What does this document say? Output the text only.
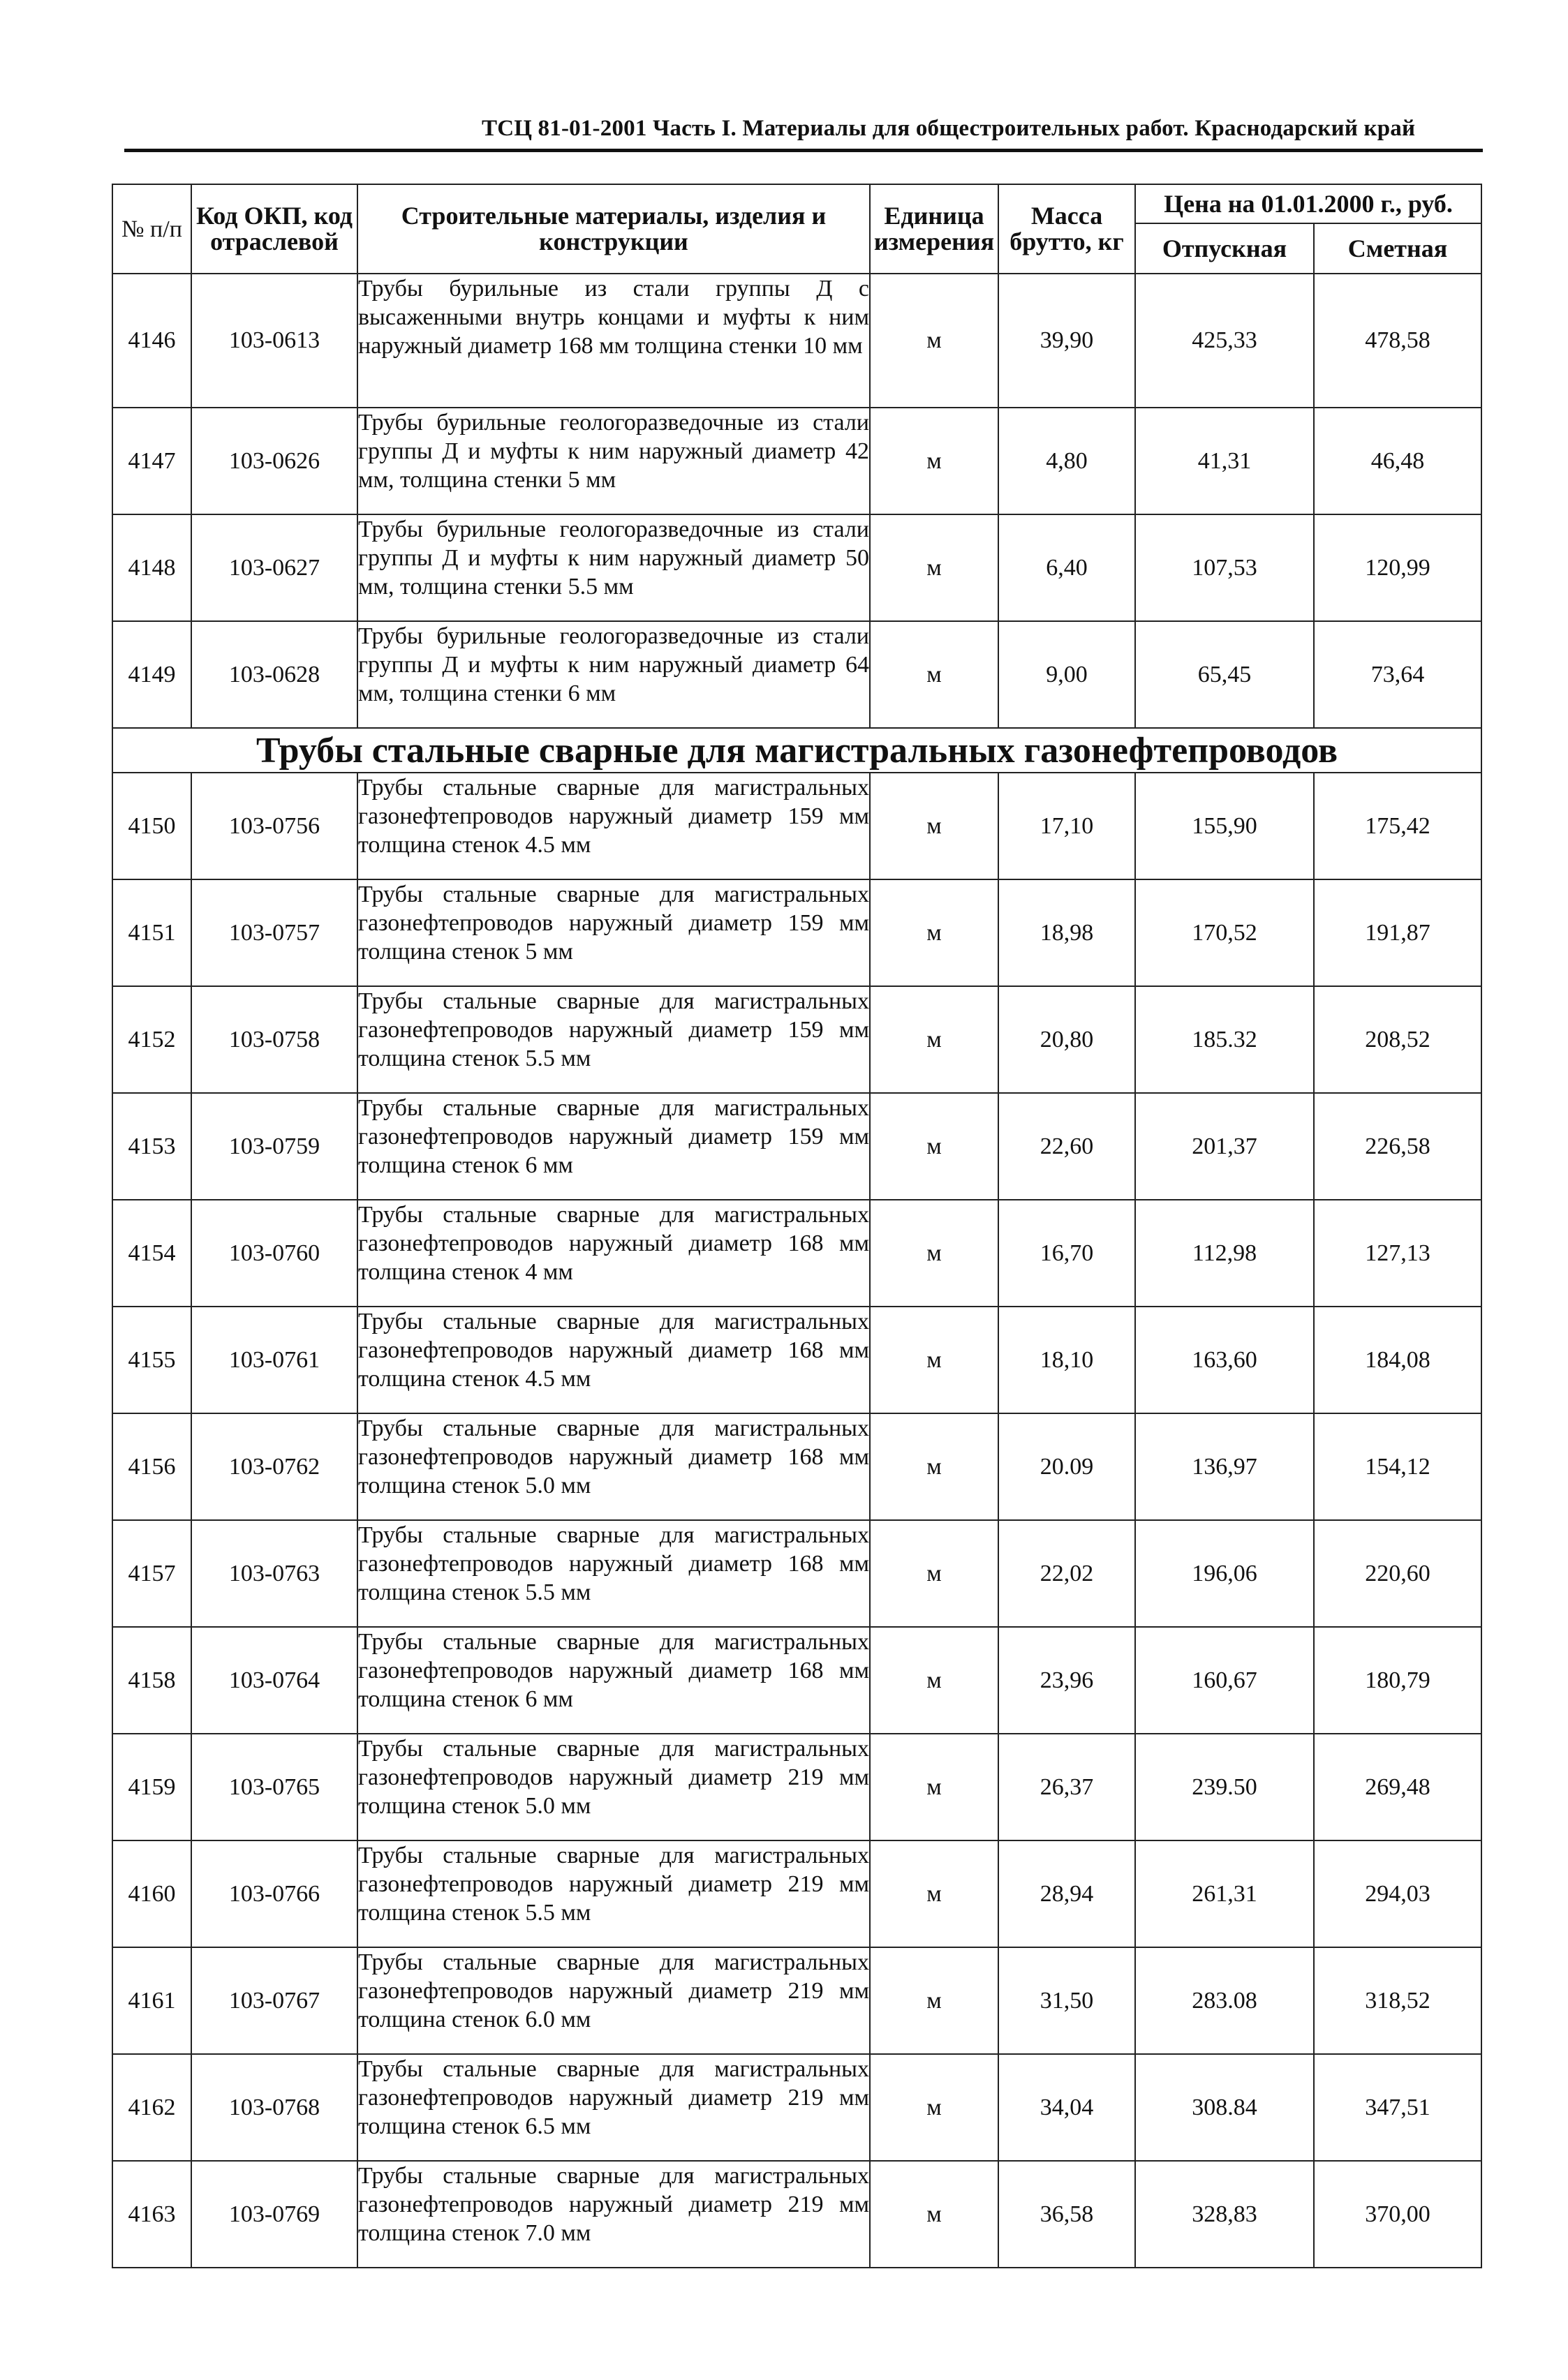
ТСЦ 81-01-2001 Часть I. Материалы для общестроительных работ. Краснодарский край
№ п/п	Код ОКП, код отраслевой	Строительные материалы, изделия и конструкции	Единица измерения	Масса брутто, кг	Цена на 01.01.2000 г., руб.	
					Отпускная	Сметная
4146	103-0613	Трубы бурильные из стали группы Д с высаженными внутрь концами и муфты к ним наружный диаметр 168 мм толщина стенки 10 мм	м	39,90	425,33	478,58
4147	103-0626	Трубы бурильные геологоразведочные из стали группы Д и муфты к ним наружный диаметр 42 мм, толщина стенки 5 мм	м	4,80	41,31	46,48
4148	103-0627	Трубы бурильные геологоразведочные из стали группы Д и муфты к ним наружный диаметр 50 мм, толщина стенки 5.5 мм	м	6,40	107,53	120,99
4149	103-0628	Трубы бурильные геологоразведочные из стали группы Д и муфты к ним наружный диаметр 64 мм, толщина стенки 6 мм	м	9,00	65,45	73,64
Трубы стальные сварные для магистральных газонефтепроводов						
4150	103-0756	Трубы стальные сварные для магистральных газонефтепроводов наружный диаметр 159 мм толщина стенок 4.5 мм	м	17,10	155,90	175,42
4151	103-0757	Трубы стальные сварные для магистральных газонефтепроводов наружный диаметр 159 мм толщина стенок 5 мм	м	18,98	170,52	191,87
4152	103-0758	Трубы стальные сварные для магистральных газонефтепроводов наружный диаметр 159 мм толщина стенок 5.5 мм	м	20,80	185.32	208,52
4153	103-0759	Трубы стальные сварные для магистральных газонефтепроводов наружный диаметр 159 мм толщина стенок 6 мм	м	22,60	201,37	226,58
4154	103-0760	Трубы стальные сварные для магистральных газонефтепроводов наружный диаметр 168 мм толщина стенок 4 мм	м	16,70	112,98	127,13
4155	103-0761	Трубы стальные сварные для магистральных газонефтепроводов наружный диаметр 168 мм толщина стенок 4.5 мм	м	18,10	163,60	184,08
4156	103-0762	Трубы стальные сварные для магистральных газонефтепроводов наружный диаметр 168 мм толщина стенок 5.0 мм	м	20.09	136,97	154,12
4157	103-0763	Трубы стальные сварные для магистральных газонефтепроводов наружный диаметр 168 мм толщина стенок 5.5 мм	м	22,02	196,06	220,60
4158	103-0764	Трубы стальные сварные для магистральных газонефтепроводов наружный диаметр 168 мм толщина стенок 6 мм	м	23,96	160,67	180,79
4159	103-0765	Трубы стальные сварные для магистральных газонефтепроводов наружный диаметр 219 мм толщина стенок 5.0 мм	м	26,37	239.50	269,48
4160	103-0766	Трубы стальные сварные для магистральных газонефтепроводов наружный диаметр 219 мм толщина стенок 5.5 мм	м	28,94	261,31	294,03
4161	103-0767	Трубы стальные сварные для магистральных газонефтепроводов наружный диаметр 219 мм толщина стенок 6.0 мм	м	31,50	283.08	318,52
4162	103-0768	Трубы стальные сварные для магистральных газонефтепроводов наружный диаметр 219 мм толщина стенок 6.5 мм	м	34,04	308.84	347,51
4163	103-0769	Трубы стальные сварные для магистральных газонефтепроводов наружный диаметр 219 мм толщина стенок 7.0 мм	м	36,58	328,83	370,00
